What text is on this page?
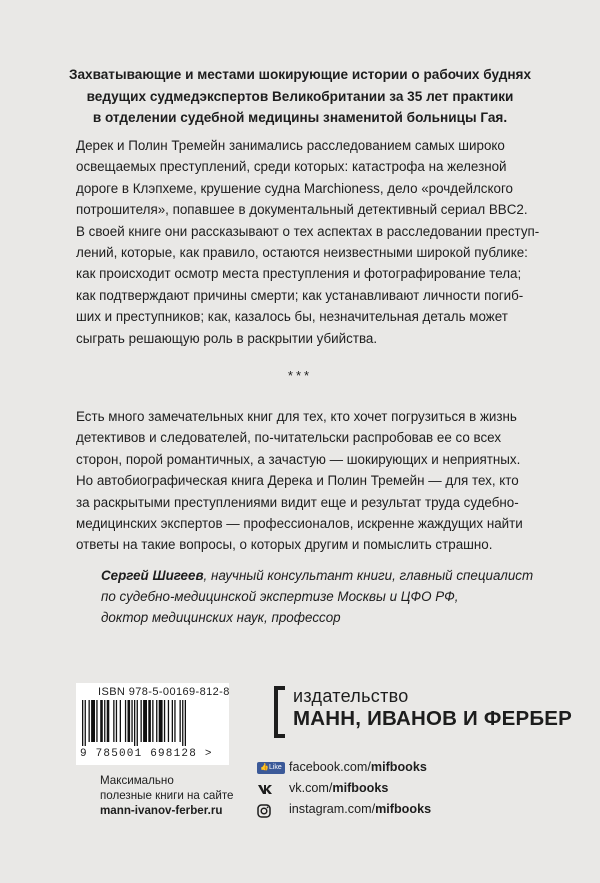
Захватывающие и местами шокирующие истории о рабочих буднях
ведущих судмедэкспертов Великобритании за 35 лет практики
в отделении судебной медицины знаменитой больницы Гая.

Дерек и Полин Тремейн занимались расследованием самых широко
освещаемых преступлений, среди которых: катастрофа на железной
дороге в Клэпхеме, крушение судна Marchioness, дело «рочдейлского
потрошителя», попавшее в документальный детективный сериал BBC2.
В своей книге они рассказывают о тех аспектах в расследовании преступ-
лений, которые, как правило, остаются неизвестными широкой публике:
как происходит осмотр места преступления и фотографирование тела;
как подтверждают причины смерти; как устанавливают личности погиб-
ших и преступников; как, казалось бы, незначительная деталь может
сыграть решающую роль в раскрытии убийства.

***

Есть много замечательных книг для тех, кто хочет погрузиться в жизнь
детективов и следователей, по-читательски распробовав ее со всех
сторон, порой романтичных, а зачастую — шокирующих и неприятных.
Но автобиографическая книга Дерека и Полин Тремейн — для тех, кто
за раскрытыми преступлениями видит еще и результат труда судебно-
медицинских экспертов — профессионалов, искренне жаждущих найти
ответы на такие вопросы, о которых другим и помыслить страшно.

Сергей Шигеев, научный консультант книги, главный специалист
по судебно-медицинской экспертизе Москвы и ЦФО РФ,
доктор медицинских наук, профессор
ISBN 978-5-00169-812-8
9 785001 698128 >
Максимально
полезные книги на сайте
mann-ivanov-ferber.ru
издательство
МАНН, ИВАНОВ И ФЕРБЕР
👍Like facebook.com/mifbooks
vk.com/mifbooks
instagram.com/mifbooks
